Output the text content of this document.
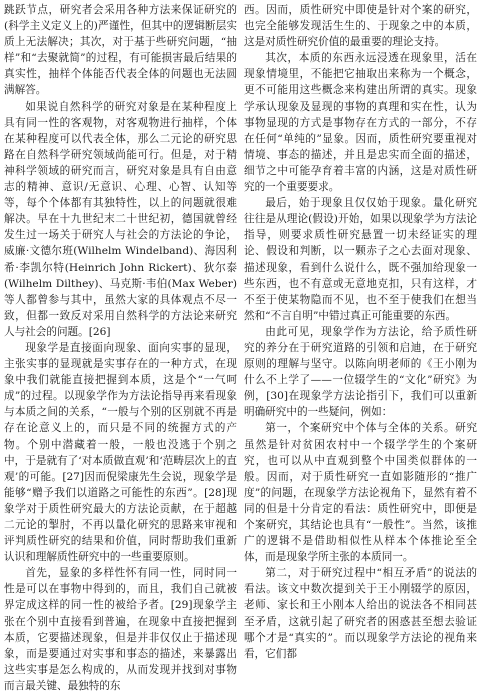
跳跃节点，研究者会采用各种方法来保证研究的(科学主义定义上的)严谨性，但其中的逻辑断层实质上无法解决；其次，对于基于些研究问题，“抽样”和“去聚就简”的过程，有可能损害最后结果的真实性，抽样个体能否代表全体的问题也无法圆满解答。

如果说自然科学的研究对象是在某种程度上具有同一性的客观物，对客观物进行抽样，个体在某种程度可以代表全体，那么二元论的研究思路在自然科学研究领域尚能可行。但是，对于精神科学领域的研究而言，研究对象是具有自由意志的精神、意识/无意识、心理、心智、认知等等，每个个体都有其独特性，以上的问题就很难解决。早在十九世纪末二十世纪初，德国就曾经发生过一场关于研究人与社会的方法论的争论，威廉·文德尔班(Wilhelm Windelband)、海因利希·李凯尔特(Heinrich John Rickert)、狄尔泰(Wilhelm Dilthey)、马克斯·韦伯(Max Weber)等人都曾参与其中，虽然大家的具体观点不尽一致，但都一致反对采用自然科学的方法论来研究人与社会的问题。[26]

现象学是直接面向现象、面向实事的显现，主张实事的显现就是实事存在的一种方式，在现象中我们就能直接把握到本质，这是个“一气呵成”的过程。以现象学作为方法论指导再来看现象与本质之间的关系，“一般与个别的区别就不再是存在论意义上的，而只是不同的统握方式的产物。个别中潜藏着一般，一般也没逃于个别之中，于是就有了‘对本质做直观’和‘范畴层次上的直观’的可能。[27]因而倪梁康先生会说，现象学是能够“赠予我们以道路之可能性的东西”。[28]现象学对于质性研究最大的方法论贡献，在于超越二元论的掣肘，不再以量化研究的思路来审视和评判质性研究的结果和价值，同时帮助我们重新认识和理解质性研究中的一些重要原则。

首先，显象的多样性怀有同一性，同时同一性是可以在事物中得到的，而且，我们自己就被界定成这样的同一性的被给予者。[29]现象学主张在个别中直接看到普遍，在现象中直接把握到本质，它要描述现象，但是并非仅仅止于描述现象，而是要通过对实事和事态的描述，来暴露出这些实事是怎么构成的，从而发现并找到对事物而言最关键、最独特的东

西。因而，质性研究中即使是针对个案的研究，也完全能够发现活生生的、于现象之中的本质，这是对质性研究价值的最重要的理论支持。

其次，本质的东西永远浸透在现象里，活在现象情境里，不能把它抽取出来称为一个概念，更不可能用这些概念来构建出所谓的真实。现象学承认现象及显现的事物的真理和实在性，认为事物显现的方式是事物存在方式的一部分，不存在任何“单纯的”显象。因而，质性研究要重视对情境、事态的描述，并且是忠实而全面的描述，细节之中可能孕育着丰富的内涵，这是对质性研究的一个重要要求。

最后，始于现象且仅仅始于现象。量化研究往往是从理论(假设)开始，如果以现象学为方法论指导，则要求质性研究悬置一切未经证实的理论、假设和判断，以一颗赤子之心去面对现象、描述现象，看到什么说什么，既不强加给现象一些东西，也不有意或无意地克扣，只有这样，才不至于使某物隐而不见，也不至于使我们在想当然和“不言自明”中错过真正可能重要的东西。

由此可见，现象学作为方法论，给予质性研究的养分在于研究道路的引领和启迪，在于研究原则的理解与坚守。以陈向明老师的《王小刚为什么不上学了——一位辍学生的“文化”研究》为例，[30]在现象学方法论指引下，我们可以重新明确研究中的一些疑问，例如：

第一，个案研究中个体与全体的关系。研究虽然是针对贫困农村中一个辍学学生的个案研究，也可以从中直观到整个中国类似群体的一般。因而，对于质性研究一直如影随形的“推广度”的问题，在现象学方法论视角下，显然有着不同的但是十分肯定的看法：质性研究中，即便是个案研究，其结论也具有“一般性”。当然，该推广的逻辑不是借助相似性从样本个体推论至全体，而是现象学所主张的本质同一。

第二，对于研究过程中“相互矛盾”的说法的看法。该文中数次提到关于王小刚辍学的原因，老师、家长和王小刚本人给出的说法各不相同甚至矛盾，这就引起了研究者的困惑甚至想去验证哪个才是“真实的”。而以现象学方法论的视角来看，它们都
